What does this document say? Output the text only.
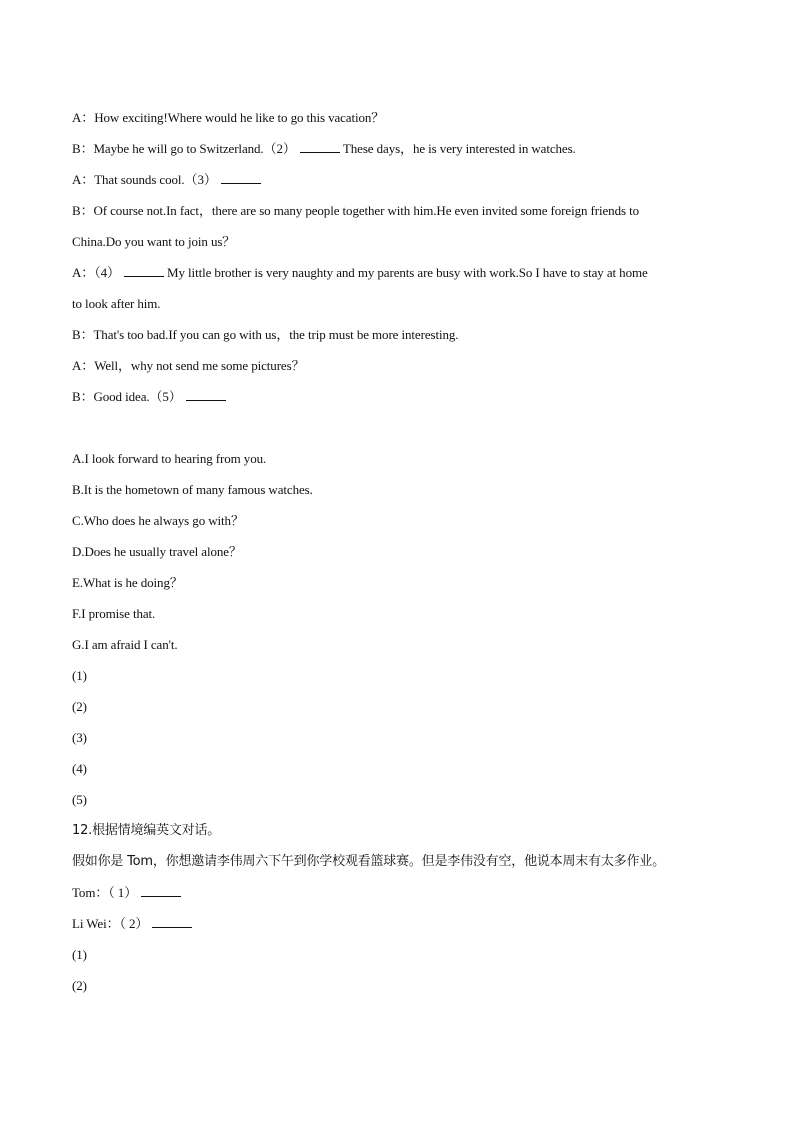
A：How exciting!Where would he like to go this vacation？
B：Maybe he will go to Switzerland.（2）	These days，he is very interested in watches.
A：That sounds cool.（3）
B：Of course not.In fact，there are so many people together with him.He even invited some foreign friends to
China.Do you want to join us？
A：（4）	My little brother is very naughty and my parents are busy with work.So I have to stay at home
to look after him.
B：That's too bad.If you can go with us，the trip must be more interesting.
A：Well，why not send me some pictures？
B：Good idea.（5）
A.I look forward to hearing from you.
B.It is the hometown of many famous watches.
C.Who does he always go with？
D.Does he usually travel alone？
E.What is he doing？
F.I promise that.
G.I am afraid I can't.
(1)
(2)
(3)
(4)
(5)
12.根据情境编英文对话。
假如你是 Tom，你想邀请李伟周六下午到你学校观看篮球赛。但是李伟没有空，他说本周末有太多作业。
Tom：（ 1）
Li Wei：（ 2）
(1)
(2)
